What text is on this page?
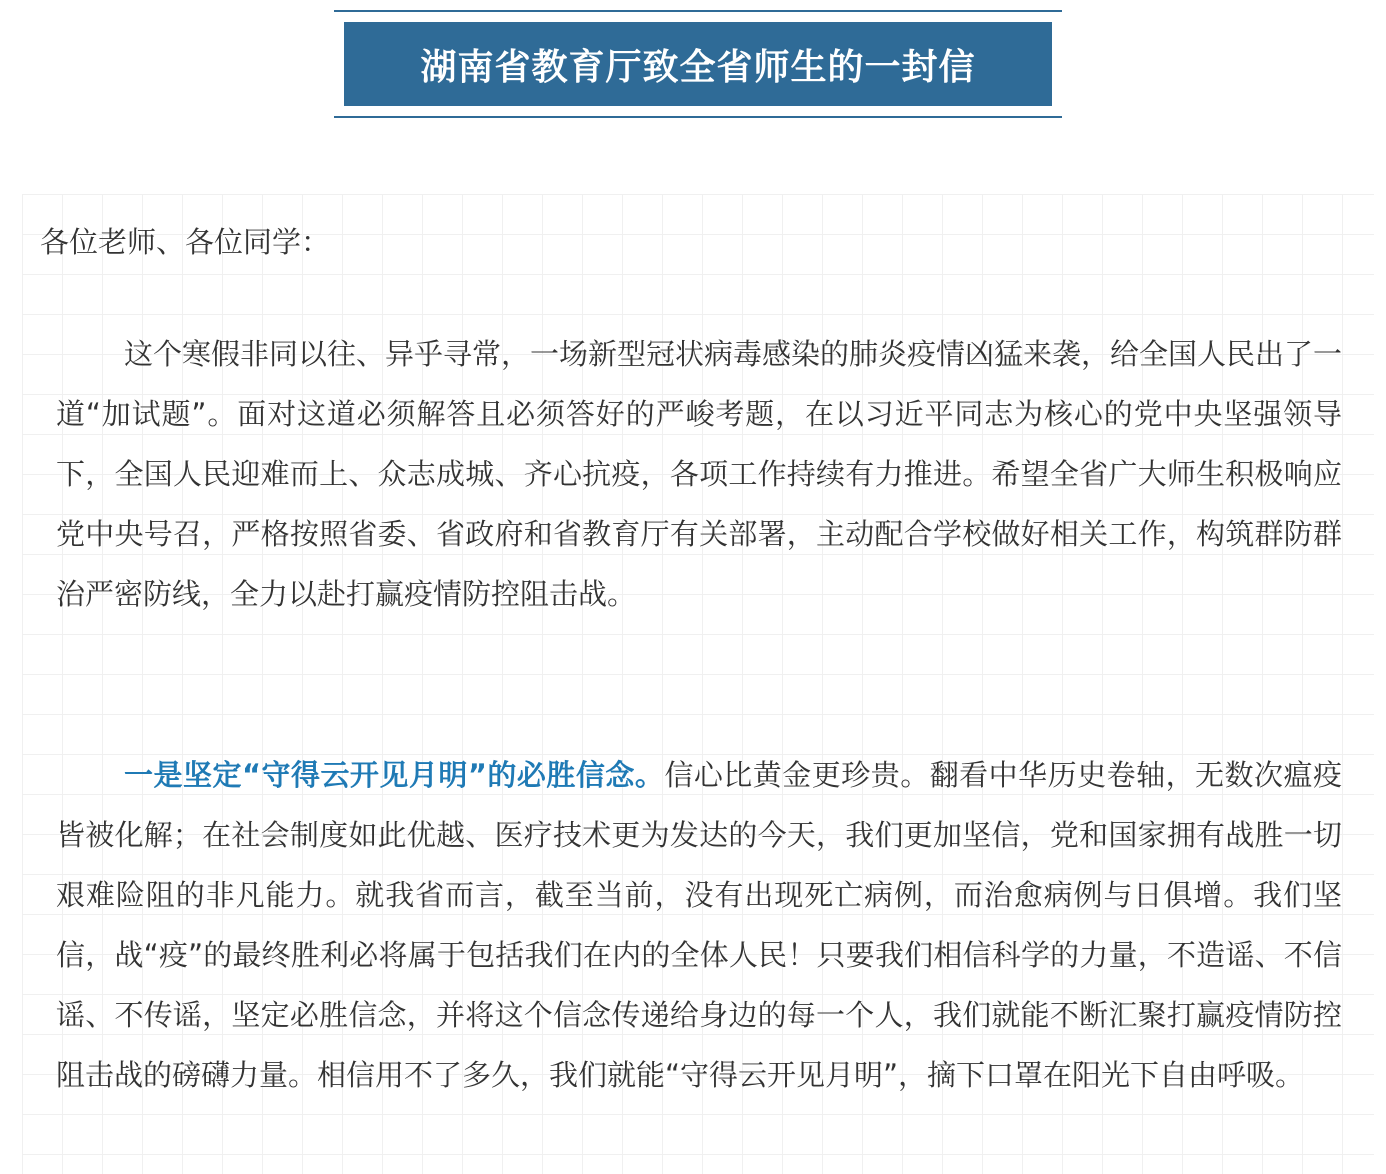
湖南省教育厅致全省师生的一封信
各位老师、各位同学：

这个寒假非同以往、异乎寻常，一场新型冠状病毒感染的肺炎疫情凶猛来袭，给全国人民出了一道“加试题”。面对这道必须解答且必须答好的严峻考题，在以习近平同志为核心的党中央坚强领导下，全国人民迎难而上、众志成城、齐心抗疫，各项工作持续有力推进。希望全省广大师生积极响应党中央号召，严格按照省委、省政府和省教育厅有关部署，主动配合学校做好相关工作，构筑群防群治严密防线，全力以赴打赢疫情防控阻击战。

一是坚定“守得云开见月明”的必胜信念。信心比黄金更珍贵。翻看中华历史卷轴，无数次瘟疫皆被化解；在社会制度如此优越、医疗技术更为发达的今天，我们更加坚信，党和国家拥有战胜一切艰难险阻的非凡能力。就我省而言，截至当前，没有出现死亡病例，而治愈病例与日俱增。我们坚信，战“疫”的最终胜利必将属于包括我们在内的全体人民！只要我们相信科学的力量，不造谣、不信谣、不传谣，坚定必胜信念，并将这个信念传递给身边的每一个人，我们就能不断汇聚打赢疫情防控阻击战的磅礴力量。相信用不了多久，我们就能“守得云开见月明”，摘下口罩在阳光下自由呼吸。
